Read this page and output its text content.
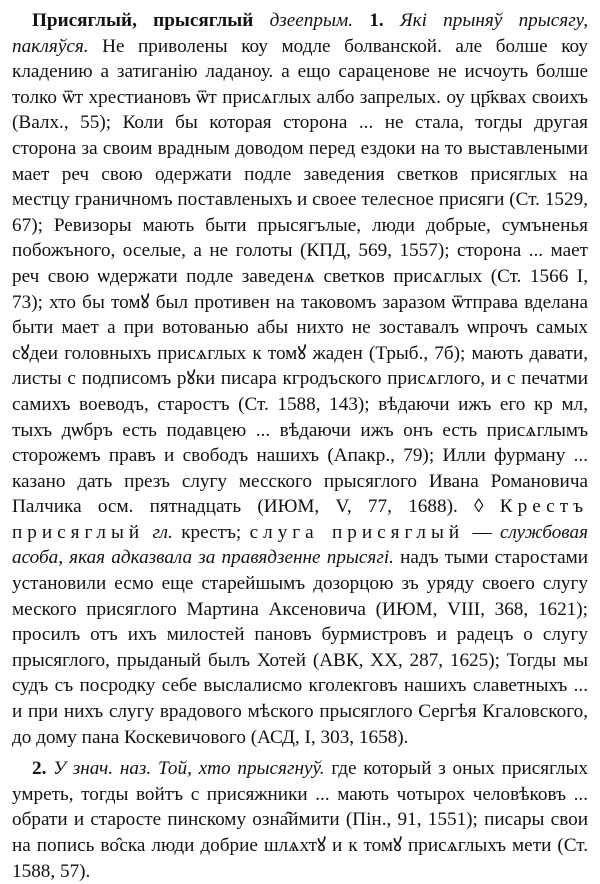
Присяглый, прысяглый дзеепрым. 1. Які прыняў прысягу, пакляўся. Не приволены коу модле болванской. але болше коу кладению а затиганію ладаноу. а ещо сараценове не исчоуть болше толко ѿт хрестиановъ ѿт присѧглых албо запрелых. оу цр҃квах своихъ (Валх., 55); Коли бы которая сторона ... не стала, тогды другая сторона за своим врадным доводом перед ездоки на то выставлеными мает реч свою одержати подле заведения светков присяглых на местцу граничномъ поставленыхъ и своее телесное присяги (Ст. 1529, 67); Ревизоры мають быти прысягълые, люди добрые, сумъненья побожъного, оселые, а не голоты (КПД, 569, 1557); сторона ... мает реч свою ѡдержати подле заведенѧ светков присѧглых (Ст. 1566 І, 73); хто бы томꙋ был противен на таковомъ заразом ѿтправа вделана быти мает а при вотованью абы нихто не зоставалъ ѡпрочъ самых сꙋдеи головныхъ присѧглых к томꙋ жаден (Трыб., 7б); мають давати, листы с подписомъ рꙋки писара кгродъского присѧглого, и с печатми самихъ воеводъ, старостъ (Ст. 1588, 143); вѣдаючи ижъ его кр мл, тыхъ дѡбръ есть подавцею ... вѣдаючи ижъ онъ есть присѧглымъ сторожемъ правъ и свободъ нашихъ (Апакр., 79); Илли фурману ... казано дать презъ слугу месского прысяглого Ивана Романовича Палчика осм. пятнадцать (ИЮМ, V, 77, 1688). ◊ Крестъ присяглый гл. крестъ; слуга присяглый — службовая асоба, якая адказвала за правядзенне прысягі. надъ тыми старостами установили есмо еще старейшымъ дозорцою зъ уряду своего слугу меского присяглого Мартина Аксеновича (ИЮМ, VIII, 368, 1621); просилъ отъ ихъ милостей пановъ бурмистровъ и радецъ о слугу прысяглого, прыданый былъ Хотей (АВК, XX, 287, 1625); Тогды мы судъ съ посродку себе выслалисмо кголекговъ нашихъ славетныхъ ... и при нихъ слугу врадового мѣского прысяглого Сергѣя Кгаловского, до дому пана Коскевичового (АСД, І, 303, 1658).

2. У знач. наз. Той, хто прысягнуў. где который з оных присяглых умреть, тогды войтъ с присяжники ... мають чотырох человѣковъ ... обрати и старосте пинскому озна̂ймити (Пін., 91, 1551); писары свои на попись во̂ска люди добрие шлѧхтꙋ и к томꙋ присѧглыхъ мети (Ст. 1588, 57).
